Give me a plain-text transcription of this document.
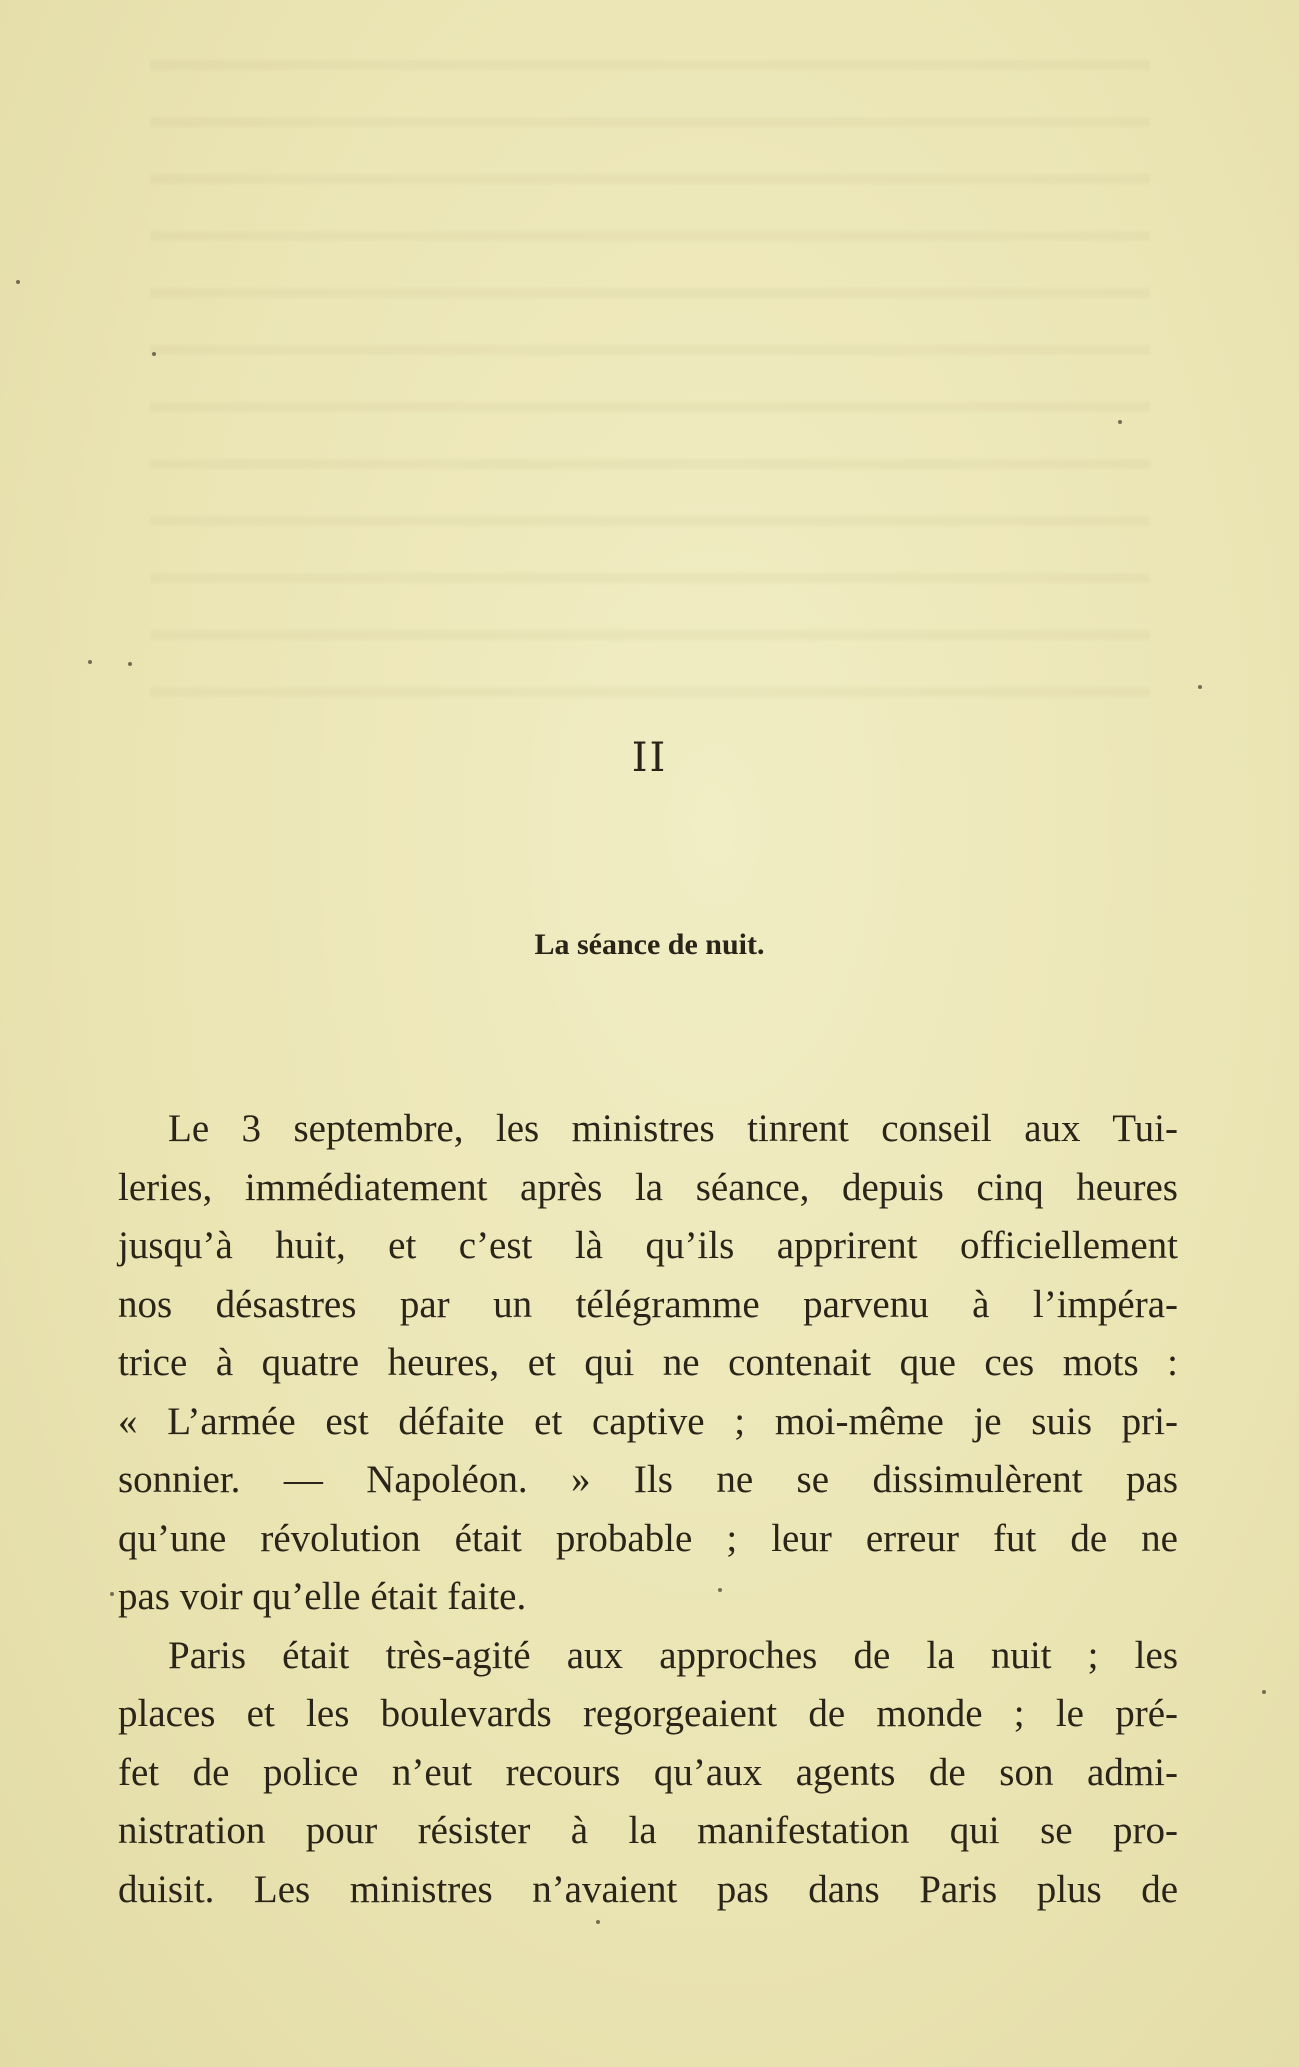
II
La séance de nuit.
Le 3 septembre, les ministres tinrent conseil aux Tui-
leries, immédiatement après la séance, depuis cinq heures
jusqu’à huit, et c’est là qu’ils apprirent officiellement
nos désastres par un télégramme parvenu à l’impéra-
trice à quatre heures, et qui ne contenait que ces mots :
« L’armée est défaite et captive ; moi-même je suis pri-
sonnier. — Napoléon. » Ils ne se dissimulèrent pas
qu’une révolution était probable ; leur erreur fut de ne
pas voir qu’elle était faite.
Paris était très-agité aux approches de la nuit ; les
places et les boulevards regorgeaient de monde ; le pré-
fet de police n’eut recours qu’aux agents de son admi-
nistration pour résister à la manifestation qui se pro-
duisit. Les ministres n’avaient pas dans Paris plus de
